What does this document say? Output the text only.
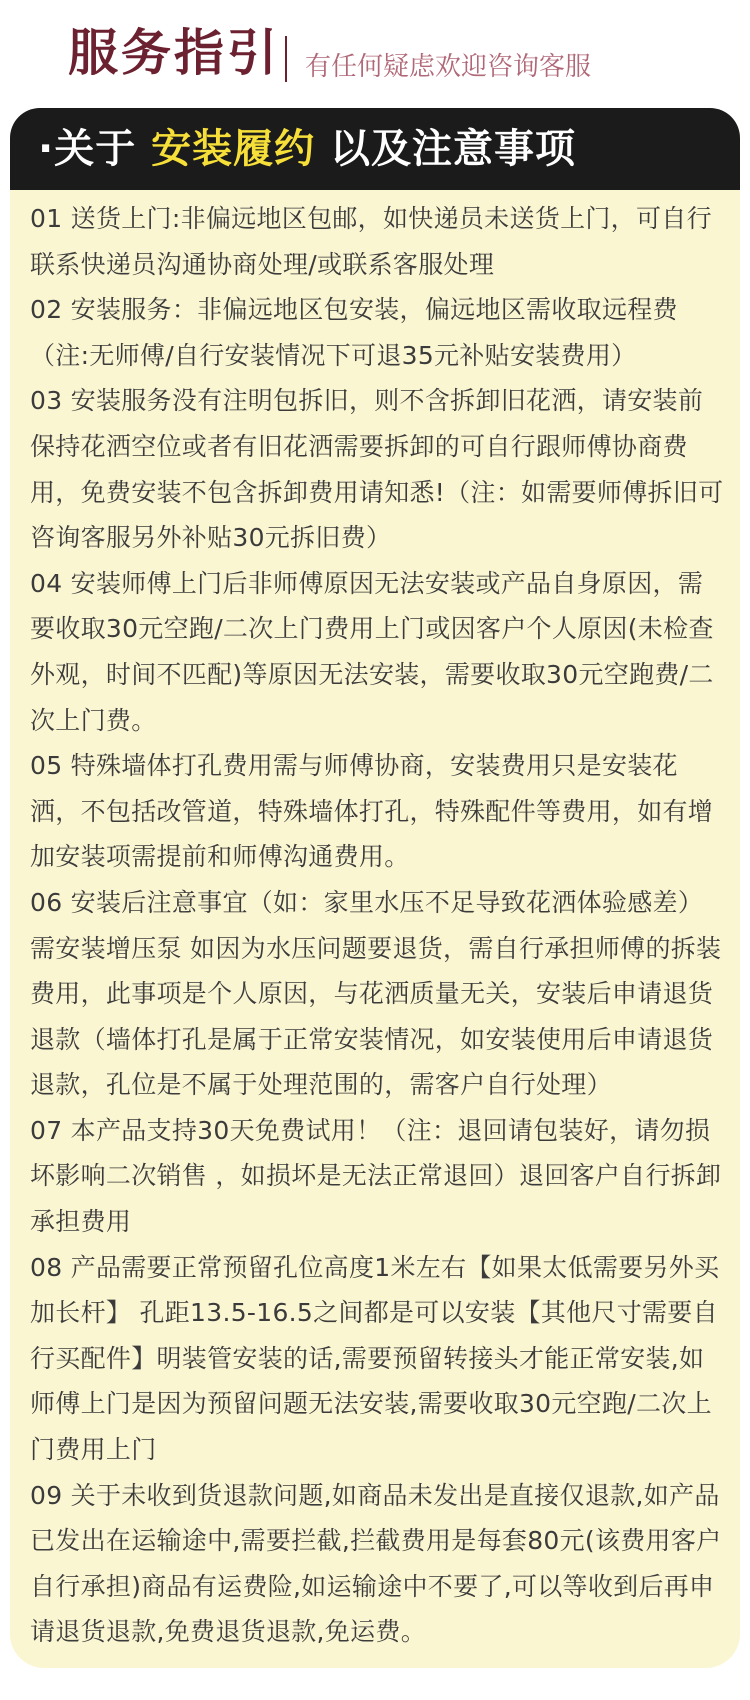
服务指引 有任何疑虑欢迎咨询客服
·关于 安装履约 以及注意事项

01 送货上门:非偏远地区包邮，如快递员未送货上门，可自行联系快递员沟通协商处理/或联系客服处理

02 安装服务：非偏远地区包安装，偏远地区需收取远程费（注:无师傅/自行安装情况下可退35元补贴安装费用）

03 安装服务没有注明包拆旧，则不含拆卸旧花洒，请安装前保持花洒空位或者有旧花洒需要拆卸的可自行跟师傅协商费用，免费安装不包含拆卸费用请知悉!（注：如需要师傅拆旧可咨询客服另外补贴30元拆旧费）

04 安装师傅上门后非师傅原因无法安装或产品自身原因，需要收取30元空跑/二次上门费用上门或因客户个人原因(未检查外观，时间不匹配)等原因无法安装，需要收取30元空跑费/二次上门费。

05 特殊墙体打孔费用需与师傅协商，安装费用只是安装花洒，不包括改管道，特殊墙体打孔，特殊配件等费用，如有增加安装项需提前和师傅沟通费用。

06 安装后注意事宜（如：家里水压不足导致花洒体验感差）需安装增压泵 如因为水压问题要退货，需自行承担师傅的拆装费用，此事项是个人原因，与花洒质量无关，安装后申请退货退款（墙体打孔是属于正常安装情况，如安装使用后申请退货退款，孔位是不属于处理范围的，需客户自行处理）

07 本产品支持30天免费试用！（注：退回请包装好，请勿损坏影响二次销售 ，如损坏是无法正常退回）退回客户自行拆卸承担费用

08 产品需要正常预留孔位高度1米左右【如果太低需要另外买加长杆】 孔距13.5-16.5之间都是可以安装【其他尺寸需要自行买配件】明装管安装的话,需要预留转接头才能正常安装,如师傅上门是因为预留问题无法安装,需要收取30元空跑/二次上门费用上门

09 关于未收到货退款问题,如商品未发出是直接仅退款,如产品已发出在运输途中,需要拦截,拦截费用是每套80元(该费用客户自行承担)商品有运费险,如运输途中不要了,可以等收到后再申请退货退款,免费退货退款,免运费。
